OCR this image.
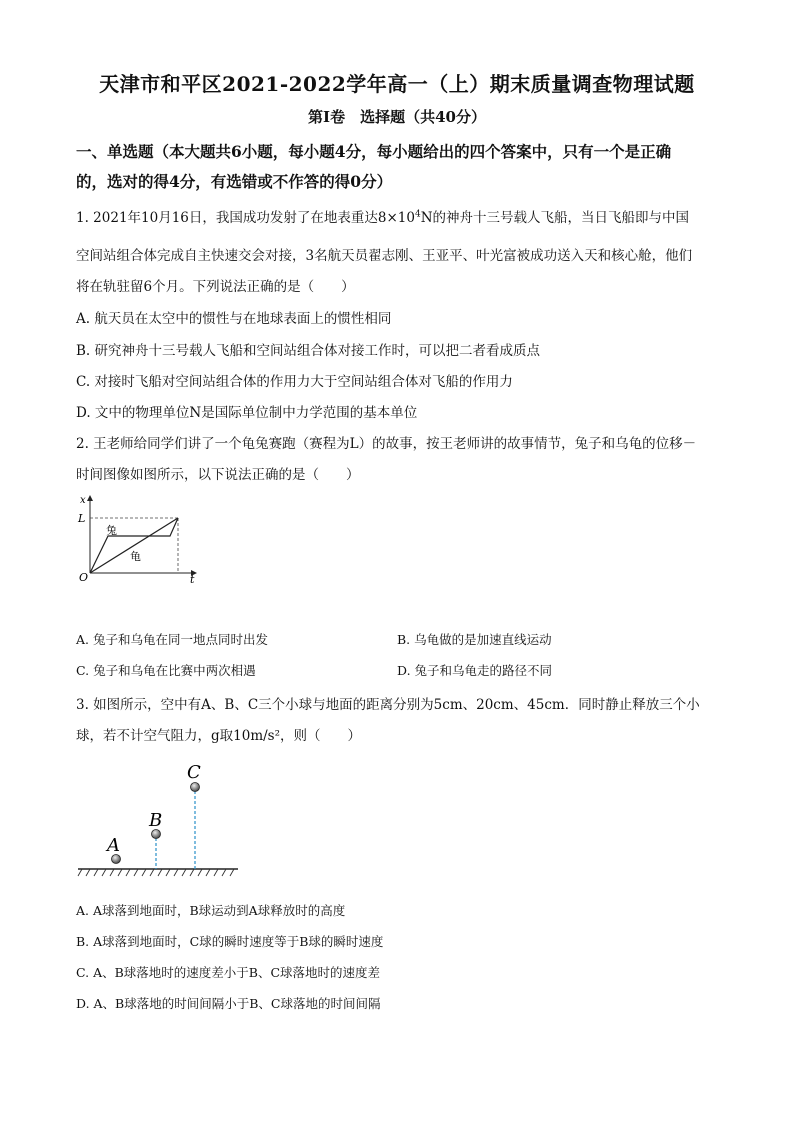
天津市和平区2021-2022学年高一（上）期末质量调查物理试题
第Ⅰ卷　选择题（共40分）
一、单选题（本大题共6小题，每小题4分，每小题给出的四个答案中，只有一个是正确
的，选对的得4分，有选错或不作答的得0分）
1. 2021年10月16日，我国成功发射了在地表重达$8\times 10^4N$的神舟十三号载人飞船，当日飞船即与中国
空间站组合体完成自主快速交会对接，3名航天员翟志刚、王亚平、叶光富被成功送入天和核心舱，他们
将在轨驻留6个月。下列说法正确的是（　　）
A. 航天员在太空中的惯性与在地球表面上的惯性相同
B. 研究神舟十三号载人飞船和空间站组合体对接工作时，可以把二者看成质点
C. 对接时飞船对空间站组合体的作用力大于空间站组合体对飞船的作用力
D. 文中的物理单位N是国际单位制中力学范围的基本单位
2. 王老师给同学们讲了一个龟兔赛跑（赛程为L）的故事，按王老师讲的故事情节，兔子和乌龟的位移－
时间图像如图所示，以下说法正确的是（　　）
x
L
O	t
兔
龟
A. 兔子和乌龟在同一地点同时出发	B. 乌龟做的是加速直线运动
C. 兔子和乌龟在比赛中两次相遇	D. 兔子和乌龟走的路径不同
3. 如图所示，空中有A、B、C三个小球与地面的距离分别为5cm、20cm、45cm．同时静止释放三个小
球，若不计空气阻力，g取10m/s²，则（　　）
A
B
C
A. A球落到地面时，B球运动到A球释放时的高度
B. A球落到地面时，C球的瞬时速度等于B球的瞬时速度
C. A、B球落地时的速度差小于B、C球落地时的速度差
D. A、B球落地的时间间隔小于B、C球落地的时间间隔
